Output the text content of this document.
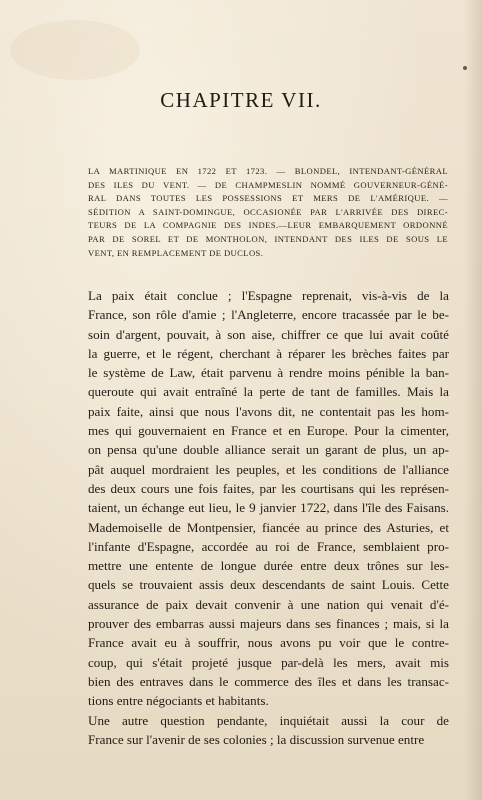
CHAPITRE VII.
LA MARTINIQUE EN 1722 ET 1723. — BLONDEL, INTENDANT-GÉNÉRAL
DES ILES DU VENT. — DE CHAMPMESLIN NOMMÉ GOUVERNEUR-GÉNÉ-
RAL DANS TOUTES LES POSSESSIONS ET MERS DE L'AMÉRIQUE. —
SÉDITION A SAINT-DOMINGUE, OCCASIONÉE PAR L'ARRIVÉE DES DIREC-
TEURS DE LA COMPAGNIE DES INDES.—LEUR EMBARQUEMENT ORDONNÉ
PAR DE SOREL ET DE MONTHOLON, INTENDANT DES ILES DE SOUS LE
VENT, EN REMPLACEMENT DE DUCLOS.
La paix était conclue ; l'Espagne reprenait, vis-à-vis de la
France, son rôle d'amie ; l'Angleterre, encore tracassée par le be-
soin d'argent, pouvait, à son aise, chiffrer ce que lui avait coûté
la guerre, et le régent, cherchant à réparer les brèches faites par
le système de Law, était parvenu à rendre moins pénible la ban-
queroute qui avait entraîné la perte de tant de familles. Mais la
paix faite, ainsi que nous l'avons dit, ne contentait pas les hom-
mes qui gouvernaient en France et en Europe. Pour la cimenter,
on pensa qu'une double alliance serait un garant de plus, un ap-
pât auquel mordraient les peuples, et les conditions de l'alliance
des deux cours une fois faites, par les courtisans qui les représen-
taient, un échange eut lieu, le 9 janvier 1722, dans l'île des Faisans.
Mademoiselle de Montpensier, fiancée au prince des Asturies, et
l'infante d'Espagne, accordée au roi de France, semblaient pro-
mettre une entente de longue durée entre deux trônes sur les-
quels se trouvaient assis deux descendants de saint Louis. Cette
assurance de paix devait convenir à une nation qui venait d'é-
prouver des embarras aussi majeurs dans ses finances ; mais, si la
France avait eu à souffrir, nous avons pu voir que le contre-
coup, qui s'était projeté jusque par-delà les mers, avait mis
bien des entraves dans le commerce des îles et dans les transac-
tions entre négociants et habitants.
Une autre question pendante, inquiétait aussi la cour de
France sur l'avenir de ses colonies ; la discussion survenue entre
